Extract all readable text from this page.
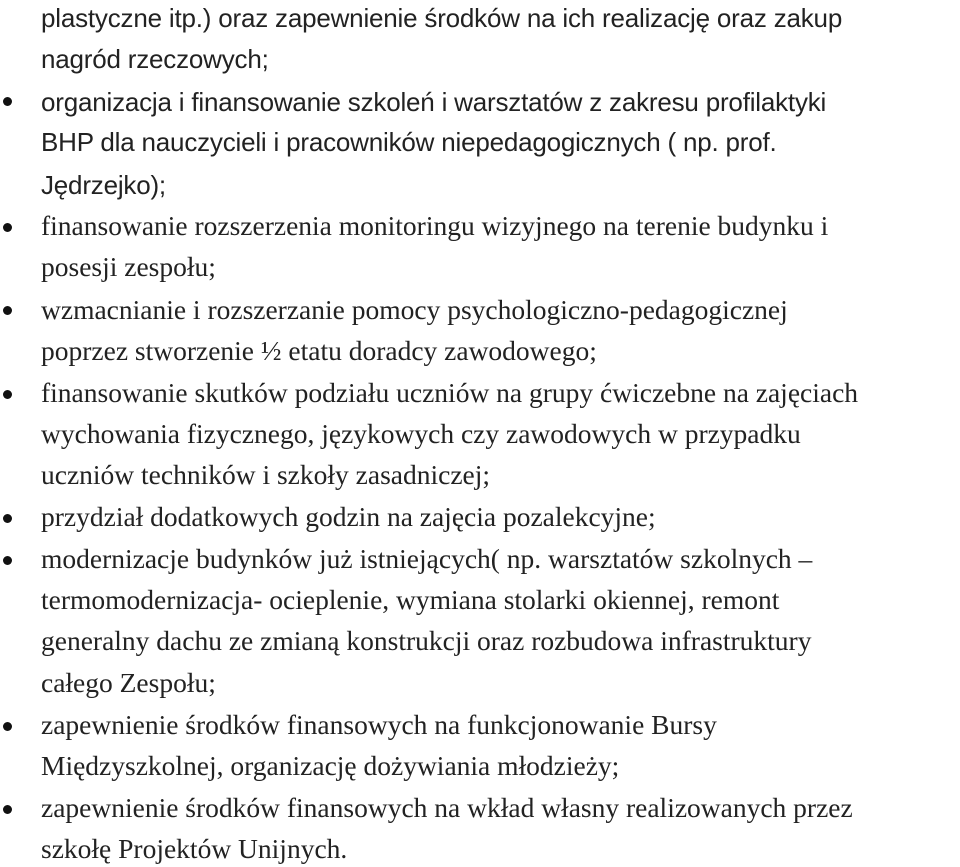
plastyczne itp.) oraz zapewnienie środków na ich realizację oraz zakup
nagród rzeczowych;
organizacja i finansowanie szkoleń i warsztatów z zakresu profilaktyki
BHP dla nauczycieli i pracowników niepedagogicznych ( np. prof.
Jędrzejko);
finansowanie rozszerzenia monitoringu wizyjnego na terenie budynku i
posesji zespołu;
wzmacnianie i rozszerzanie pomocy psychologiczno-pedagogicznej
poprzez stworzenie ½ etatu doradcy zawodowego;
finansowanie skutków podziału uczniów na grupy ćwiczebne na zajęciach
wychowania fizycznego, językowych czy zawodowych w przypadku
uczniów techników i szkoły zasadniczej;
przydział dodatkowych godzin na zajęcia pozalekcyjne;
modernizacje budynków już istniejących( np. warsztatów szkolnych –
termomodernizacja- ocieplenie, wymiana stolarki okiennej, remont
generalny dachu ze zmianą konstrukcji oraz rozbudowa infrastruktury
całego Zespołu;
zapewnienie środków finansowych na funkcjonowanie Bursy
Międzyszkolnej, organizację dożywiania młodzieży;
zapewnienie środków finansowych na wkład własny realizowanych przez
szkołę Projektów Unijnych.
